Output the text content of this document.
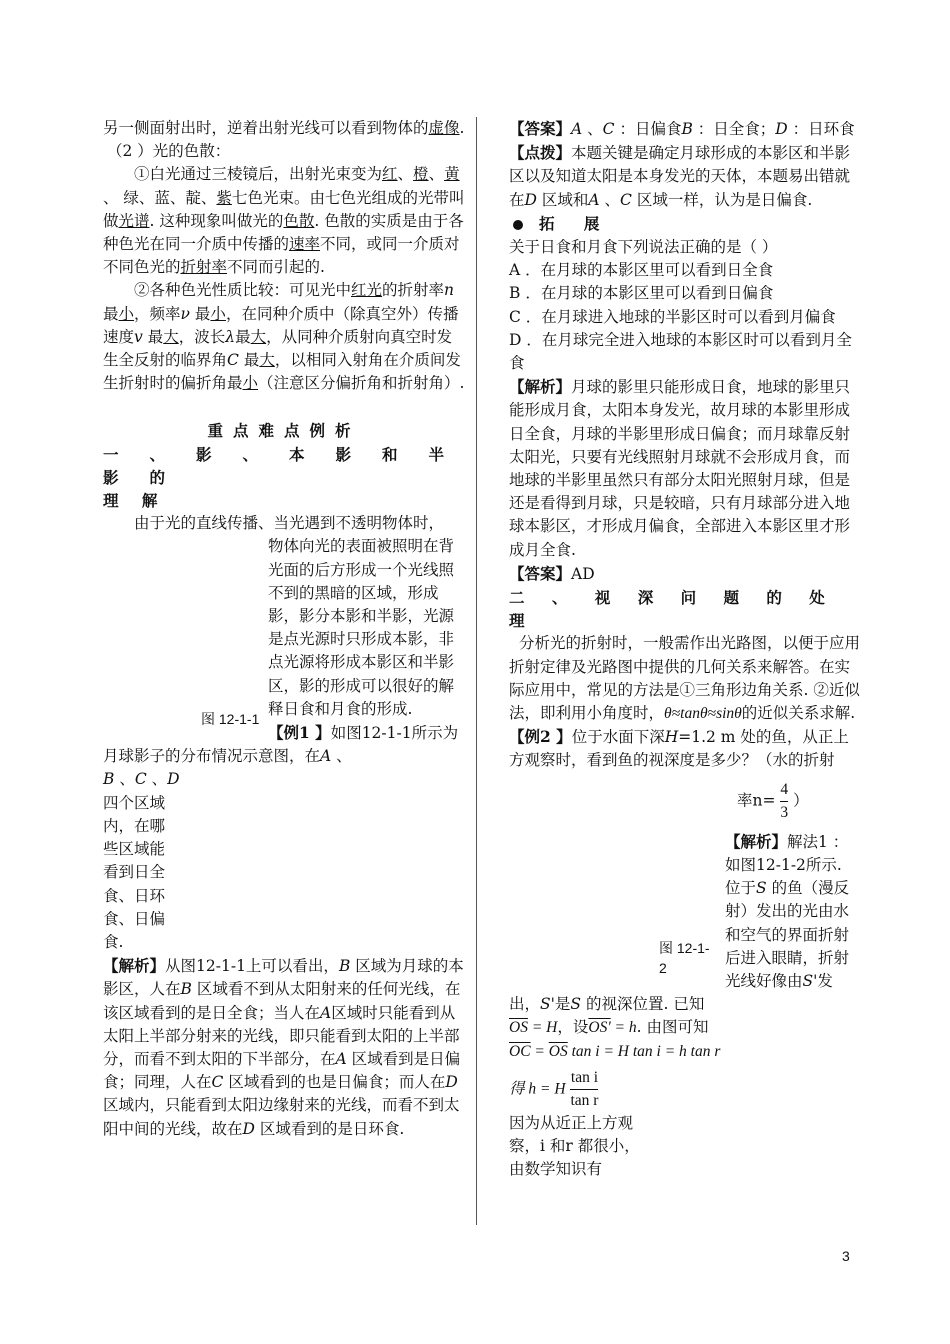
另一侧面射出时，逆着出射光线可以看到物体的虚像.

（2 ）光的色散：

①白光通过三棱镜后，出射光束变为红、橙、黄 、 绿、蓝、靛、紫七色光束。由七色光组成的光带叫做光谱. 这种现象叫做光的色散. 色散的实质是由于各种色光在同一介质中传播的速率不同，或同一介质对不同色光的折射率不同而引起的.

②各种色光性质比较：可见光中红光的折射率n 最小，频率ν 最小，在同种介质中（除真空外）传播速度v 最大，波长λ最大，从同种介质射向真空时发生全反射的临界角C 最大，以相同入射角在介质间发生折射时的偏折角最小（注意区分偏折角和折射角）.

重点难点例析

一 、 影 、 本 影 和 半 影 的

理 解

由于光的直线传播、当光遇到不透明物体时，

图 12-1-1

物体向光的表面被照明在背光面的后方形成一个光线照不到的黑暗的区域，形成影，影分本影和半影，光源是点光源时只形成本影，非点光源将形成本影区和半影区，影的形成可以很好的解释日食和月食的形成.

【例1 】如图12-1-1所示为月球影子的分布情况示意图，在A 、
B 、C 、D
四个区域内，在哪些区域能看到日全食、日环食、日偏食.

【解析】从图12-1-1上可以看出，B 区域为月球的本影区，人在B 区域看不到从太阳射来的任何光线，在该区域看到的是日全食；当人在A区域时只能看到从太阳上半部分射来的光线，即只能看到太阳的上半部分，而看不到太阳的下半部分，在A 区域看到是日偏食；同理，人在C 区域看到的也是日偏食；而人在D 区域内，只能看到太阳边缘射来的光线，而看不到太阳中间的光线，故在D 区域看到的是日环食.

【答案】A 、C ：日偏食B ：日全食；D ：日环食

【点拨】本题关键是确定月球形成的本影区和半影区以及知道太阳是本身发光的天体，本题易出错就在D 区域和A 、C 区域一样，认为是日偏食.

拓 展

关于日食和月食下列说法正确的是（ ）

A ．在月球的本影区里可以看到日全食

B ．在月球的本影区里可以看到日偏食

C ．在月球进入地球的半影区时可以看到月偏食

D ．在月球完全进入地球的本影区时可以看到月全食

【解析】月球的影里只能形成日食，地球的影里只能形成月食，太阳本身发光，故月球的本影里形成日全食，月球的半影里形成日偏食；而月球靠反射太阳光，只要有光线照射月球就不会形成月食，而地球的半影里虽然只有部分太阳光照射月球，但是还是看得到月球，只是较暗，只有月球部分进入地球本影区，才形成月偏食，全部进入本影区里才形成月全食.

【答案】AD

二 、 视 深 问 题 的 处 理

分析光的折射时，一般需作出光路图，以便于应用折射定律及光路图中提供的几何关系来解答。在实际应用中，常见的方法是①三角形边角关系. ②近似法，即利用小角度时，θ≈tanθ≈sinθ的近似关系求解.

【例2 】位于水面下深H=1.2 m 处的鱼，从正上方观察时，看到鱼的视深度是多少？（水的折射

率$n= \frac{4}{3}$ ）

图 12-1-
2

【解析】解法1 ：如图12-1-2所示. 位于S 的鱼（漫反射）发出的光由水和空气的界面折射后进入眼睛，折射光线好像由S'发出，S'是S 的视深位置. 已知

$\overline{OS} = H$，设OS' = h. 由图可知

$\overline{OC} = \overline{OS}$ tan i = H tan i = h tan r

得 h = H $\frac{\text{tan i}}{\text{tan r}}$

因为从近正上方观

察，i 和r 都很小，

由数学知识有

3
